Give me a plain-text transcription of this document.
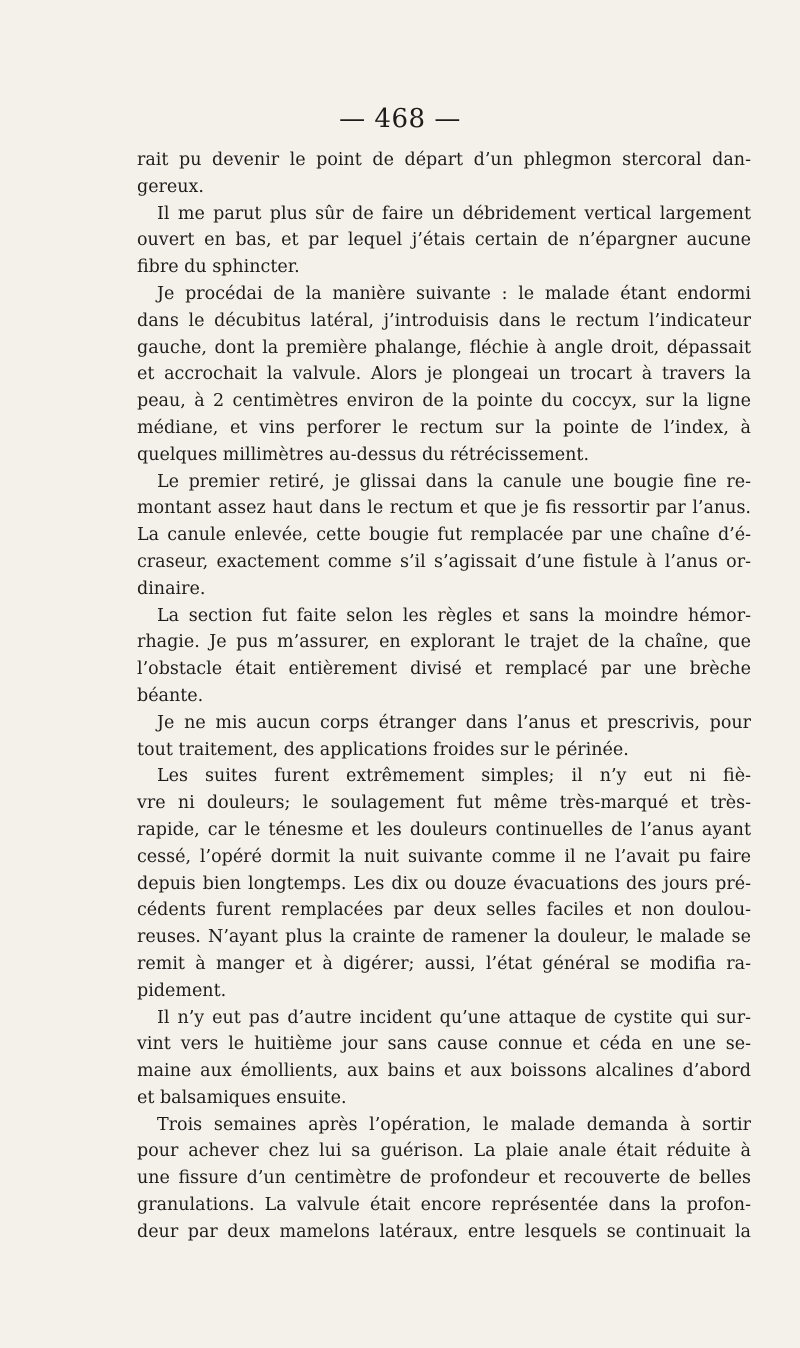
— 468 —
rait pu devenir le point de départ d’un phlegmon stercoral dan-
gereux.
Il me parut plus sûr de faire un débridement vertical largement
ouvert en bas, et par lequel j’étais certain de n’épargner aucune
fibre du sphincter.
Je procédai de la manière suivante : le malade étant endormi
dans le décubitus latéral, j’introduisis dans le rectum l’indicateur
gauche, dont la première phalange, fléchie à angle droit, dépassait
et accrochait la valvule. Alors je plongeai un trocart à travers la
peau, à 2 centimètres environ de la pointe du coccyx, sur la ligne
médiane, et vins perforer le rectum sur la pointe de l’index, à
quelques millimètres au-dessus du rétrécissement.
Le premier retiré, je glissai dans la canule une bougie fine re-
montant assez haut dans le rectum et que je fis ressortir par l’anus.
La canule enlevée, cette bougie fut remplacée par une chaîne d’é-
craseur, exactement comme s’il s’agissait d’une fistule à l’anus or-
dinaire.
La section fut faite selon les règles et sans la moindre hémor-
rhagie. Je pus m’assurer, en explorant le trajet de la chaîne, que
l’obstacle était entièrement divisé et remplacé par une brèche
béante.
Je ne mis aucun corps étranger dans l’anus et prescrivis, pour
tout traitement, des applications froides sur le périnée.
Les suites furent extrêmement simples; il n’y eut ni fiè-
vre ni douleurs; le soulagement fut même très-marqué et très-
rapide, car le ténesme et les douleurs continuelles de l’anus ayant
cessé, l’opéré dormit la nuit suivante comme il ne l’avait pu faire
depuis bien longtemps. Les dix ou douze évacuations des jours pré-
cédents furent remplacées par deux selles faciles et non doulou-
reuses. N’ayant plus la crainte de ramener la douleur, le malade se
remit à manger et à digérer; aussi, l’état général se modifia ra-
pidement.
Il n’y eut pas d’autre incident qu’une attaque de cystite qui sur-
vint vers le huitième jour sans cause connue et céda en une se-
maine aux émollients, aux bains et aux boissons alcalines d’abord
et balsamiques ensuite.
Trois semaines après l’opération, le malade demanda à sortir
pour achever chez lui sa guérison. La plaie anale était réduite à
une fissure d’un centimètre de profondeur et recouverte de belles
granulations. La valvule était encore représentée dans la profon-
deur par deux mamelons latéraux, entre lesquels se continuait la
